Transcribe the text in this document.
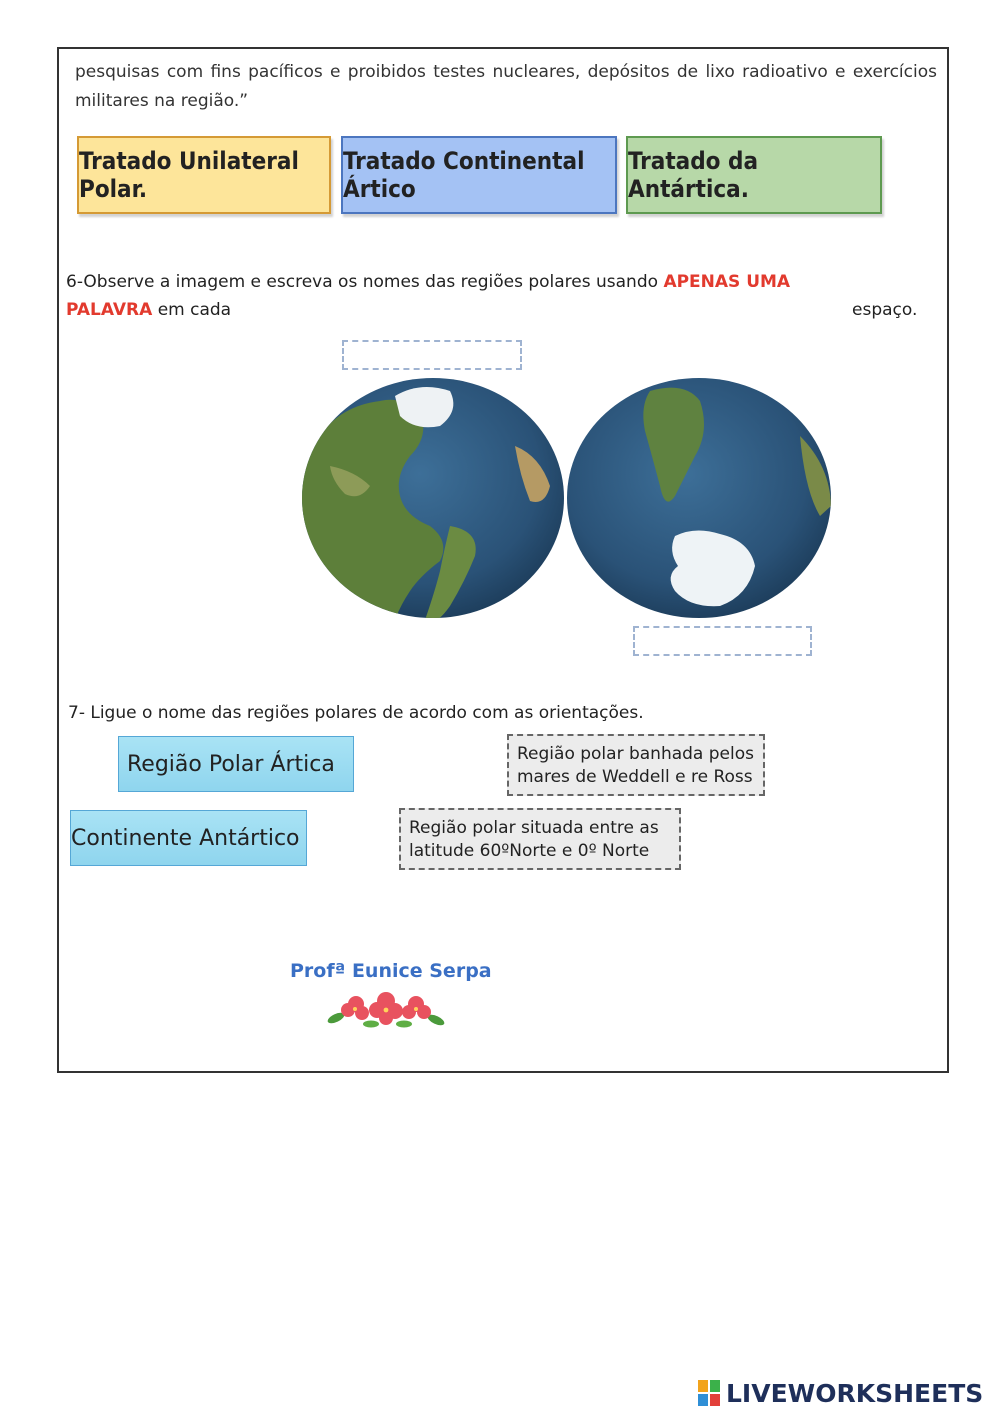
pesquisas com fins pacíficos e proibidos testes nucleares, depósitos de lixo radioativo e exercícios militares na região.”
Tratado Unilateral Polar.
Tratado Continental Ártico
Tratado da Antártica.
6-Observe a imagem e escreva os nomes das regiões polares usando APENAS UMA
PALAVRA em cada	espaço.
7- Ligue o nome das regiões polares de acordo com as orientações.
Região Polar Ártica
Continente Antártico
Região polar banhada pelos
mares de Weddell e re Ross
Região polar situada entre as
latitude 60ºNorte e 0º Norte
Profª Eunice Serpa
LIVEWORKSHEETS
